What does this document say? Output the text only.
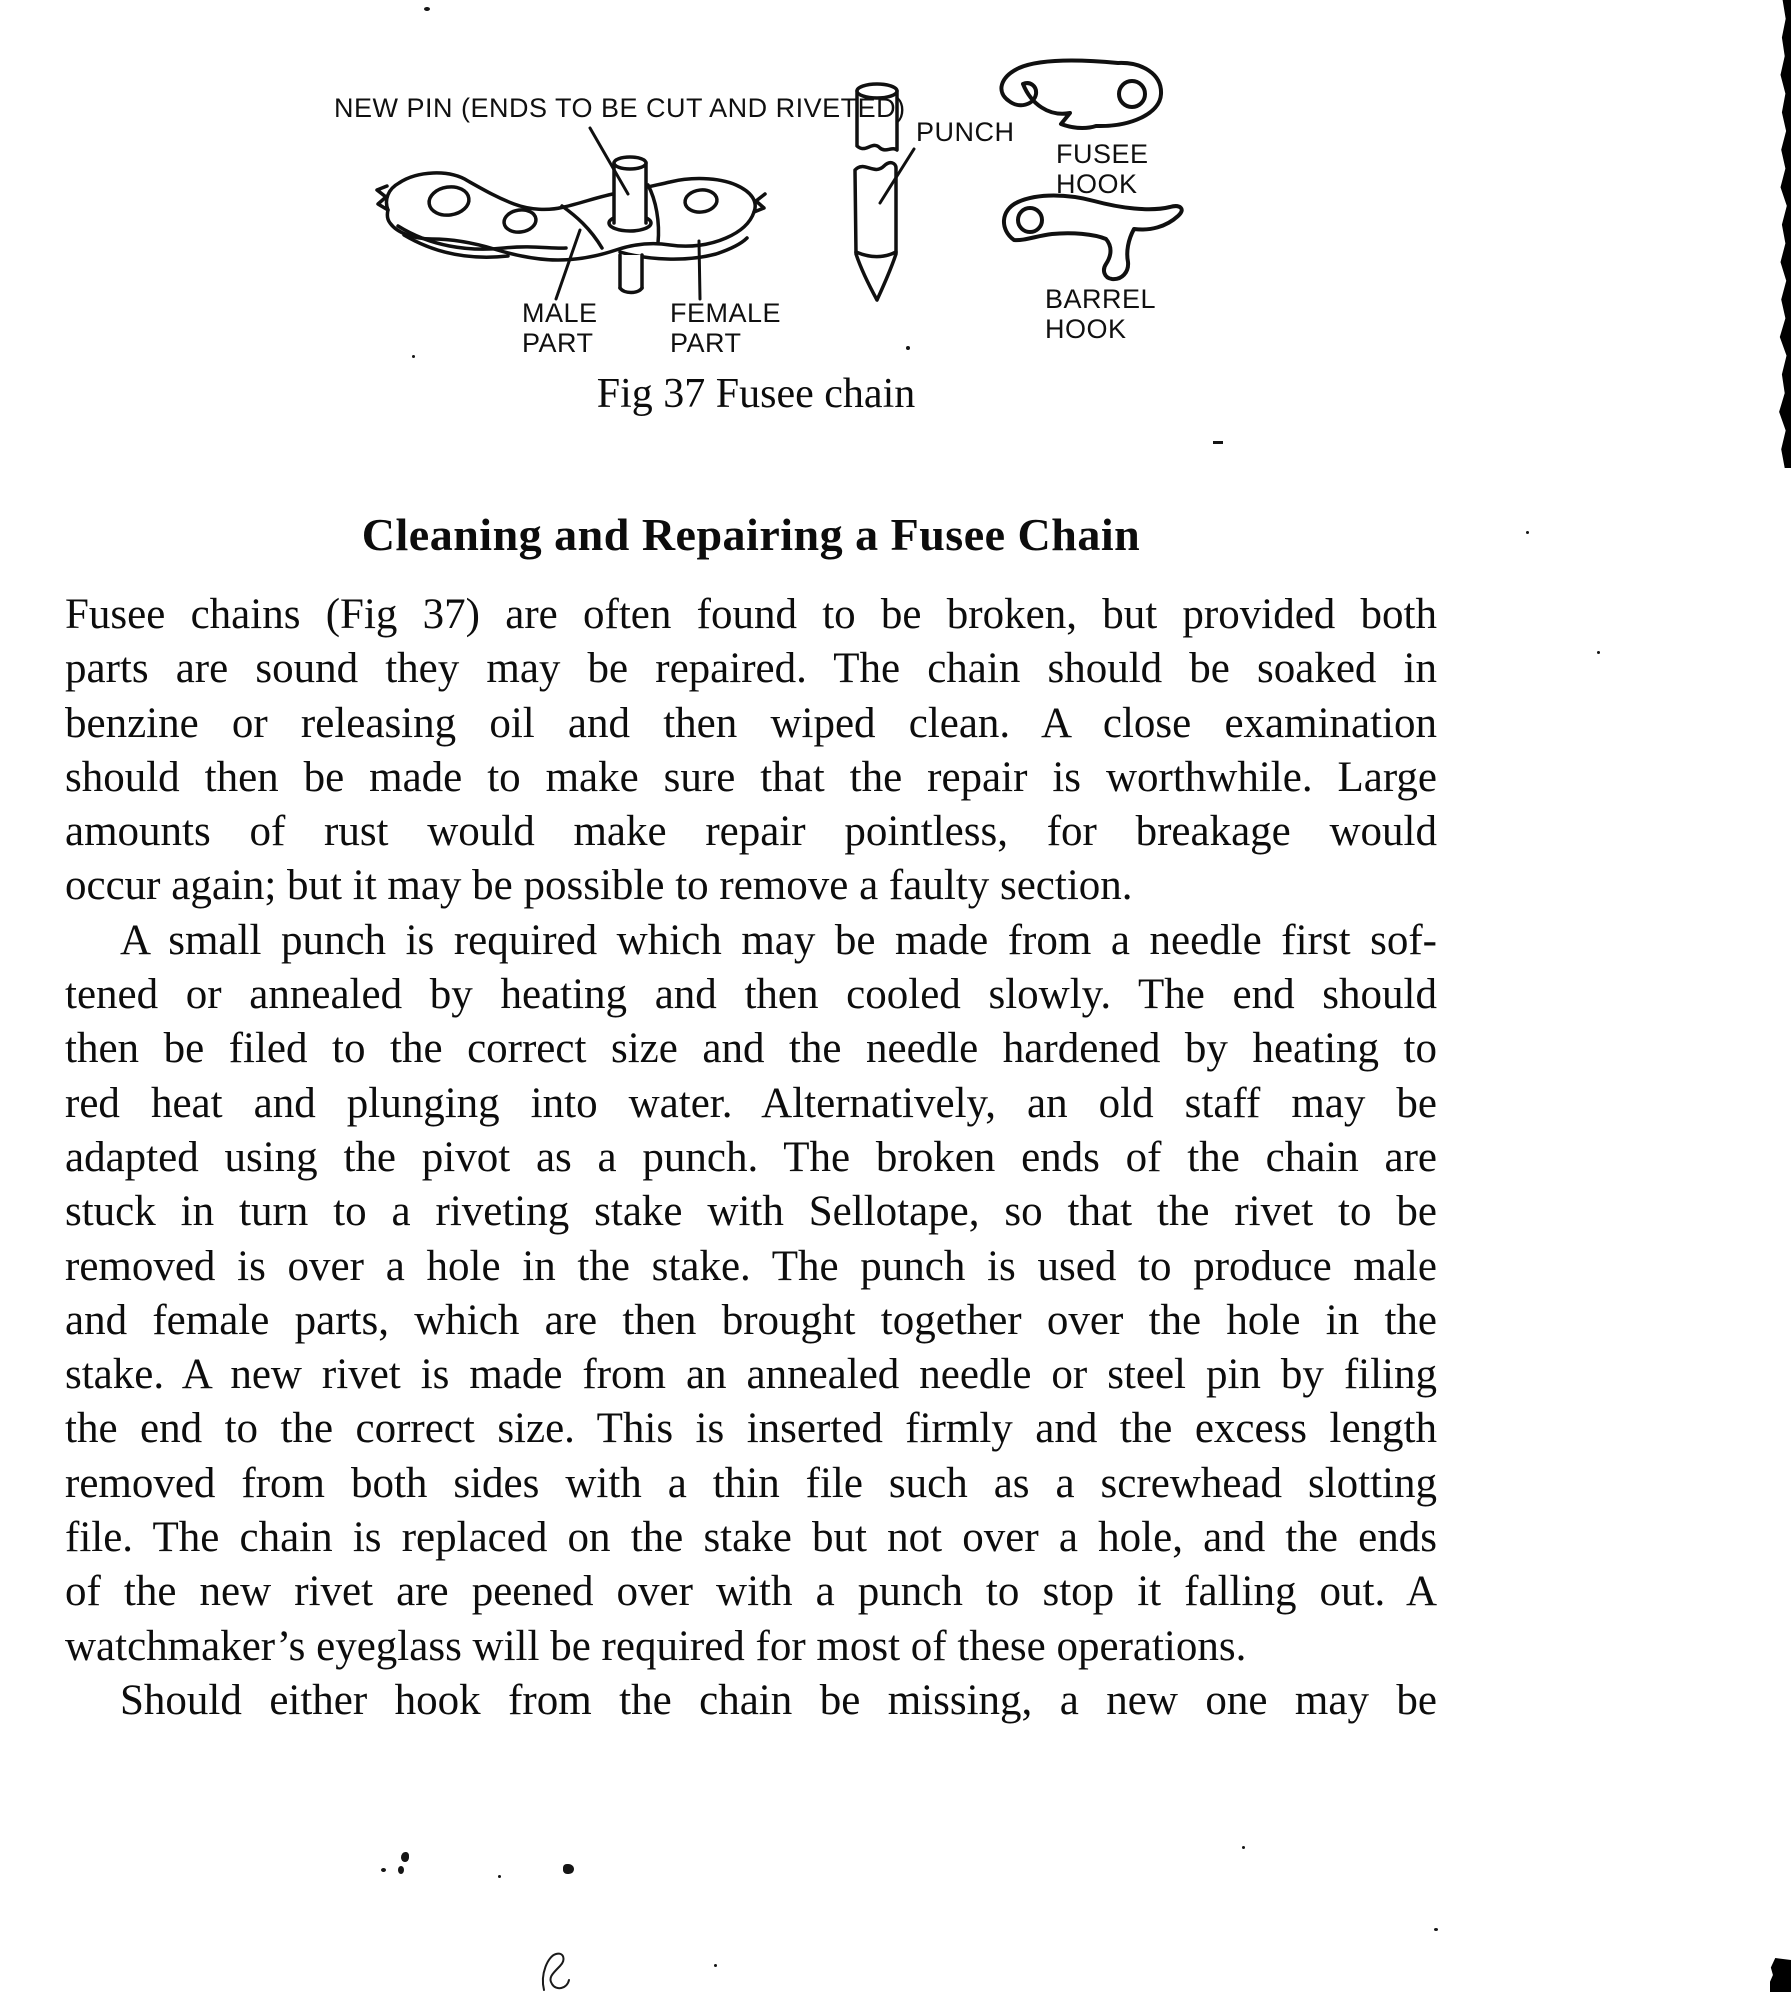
NEW PIN (ENDS TO BE CUT AND RIVETED)
PUNCH
FUSEE
HOOK
BARREL
HOOK
MALE
PART
FEMALE
PART
Fig 37 Fusee chain
Cleaning and Repairing a Fusee Chain
Fusee chains (Fig 37) are often found to be broken, but provided both
parts are sound they may be repaired. The chain should be soaked in
benzine or releasing oil and then wiped clean. A close examination
should then be made to make sure that the repair is worthwhile. Large
amounts of rust would make repair pointless, for breakage would
occur again; but it may be possible to remove a faulty section.
A small punch is required which may be made from a needle first sof-
tened or annealed by heating and then cooled slowly. The end should
then be filed to the correct size and the needle hardened by heating to
red heat and plunging into water. Alternatively, an old staff may be
adapted using the pivot as a punch. The broken ends of the chain are
stuck in turn to a riveting stake with Sellotape, so that the rivet to be
removed is over a hole in the stake. The punch is used to produce male
and female parts, which are then brought together over the hole in the
stake. A new rivet is made from an annealed needle or steel pin by filing
the end to the correct size. This is inserted firmly and the excess length
removed from both sides with a thin file such as a screwhead slotting
file. The chain is replaced on the stake but not over a hole, and the ends
of the new rivet are peened over with a punch to stop it falling out. A
watchmaker’s eyeglass will be required for most of these operations.
Should either hook from the chain be missing, a new one may be
